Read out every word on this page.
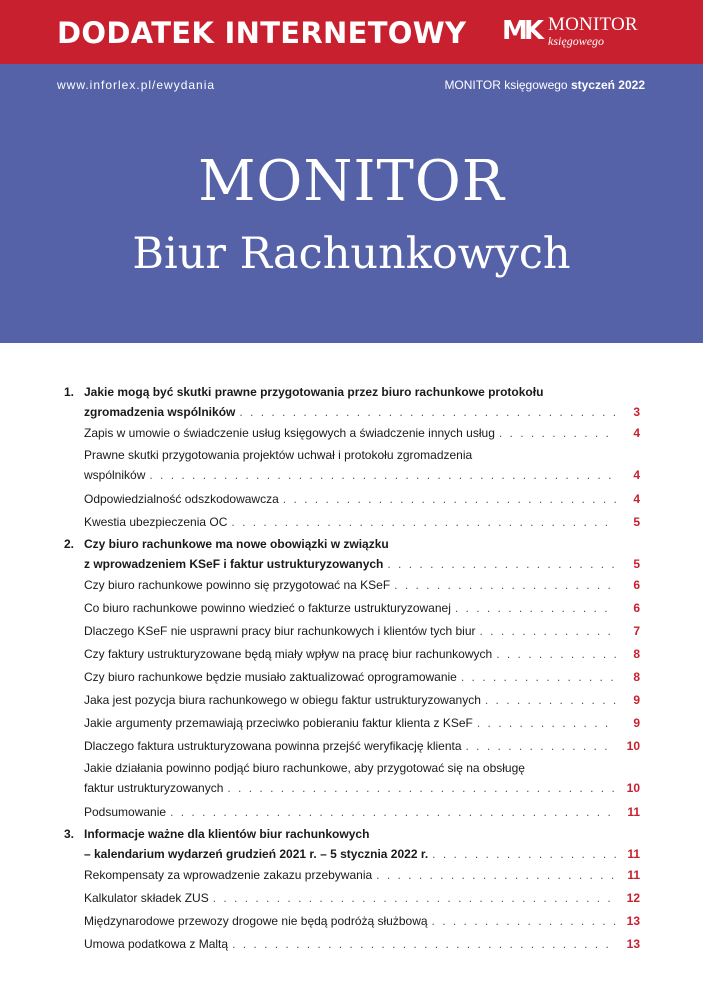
DODATEK INTERNETOWY MK MONITOR
księgowego
www.inforlex.pl/ewydania	MONITOR księgowego styczeń 2022
MONITOR
Biur Rachunkowych
1. Jakie mogą być skutki prawne przygotowania przez biuro rachunkowe protokołu
zgromadzenia wspólników . . .	3
Zapis w umowie o świadczenie usług księgowych a świadczenie innych usług . . .	4
Prawne skutki przygotowania projektów uchwał i protokołu zgromadzenia
wspólników . . .	4
Odpowiedzialność odszkodowawcza . . .	4
Kwestia ubezpieczenia OC . . .	5
2. Czy biuro rachunkowe ma nowe obowiązki w związku
z wprowadzeniem KSeF i faktur ustrukturyzowanych . . .	5
Czy biuro rachunkowe powinno się przygotować na KSeF . . .	6
Co biuro rachunkowe powinno wiedzieć o fakturze ustrukturyzowanej . . .	6
Dlaczego KSeF nie usprawni pracy biur rachunkowych i klientów tych biur . . .	7
Czy faktury ustrukturyzowane będą miały wpływ na pracę biur rachunkowych . . .	8
Czy biuro rachunkowe będzie musiało zaktualizować oprogramowanie . . .	8
Jaka jest pozycja biura rachunkowego w obiegu faktur ustrukturyzowanych . . .	9
Jakie argumenty przemawiają przeciwko pobieraniu faktur klienta z KSeF . . .	9
Dlaczego faktura ustrukturyzowana powinna przejść weryfikację klienta . . .	10
Jakie działania powinno podjąć biuro rachunkowe, aby przygotować się na obsługę
faktur ustrukturyzowanych . . .	10
Podsumowanie . . .	11
3. Informacje ważne dla klientów biur rachunkowych
– kalendarium wydarzeń grudzień 2021 r. – 5 stycznia 2022 r. . . .	11
Rekompensaty za wprowadzenie zakazu przebywania . . .	11
Kalkulator składek ZUS . . .	12
Międzynarodowe przewozy drogowe nie będą podróżą służbową . . .	13
Umowa podatkowa z Maltą . . .	13
